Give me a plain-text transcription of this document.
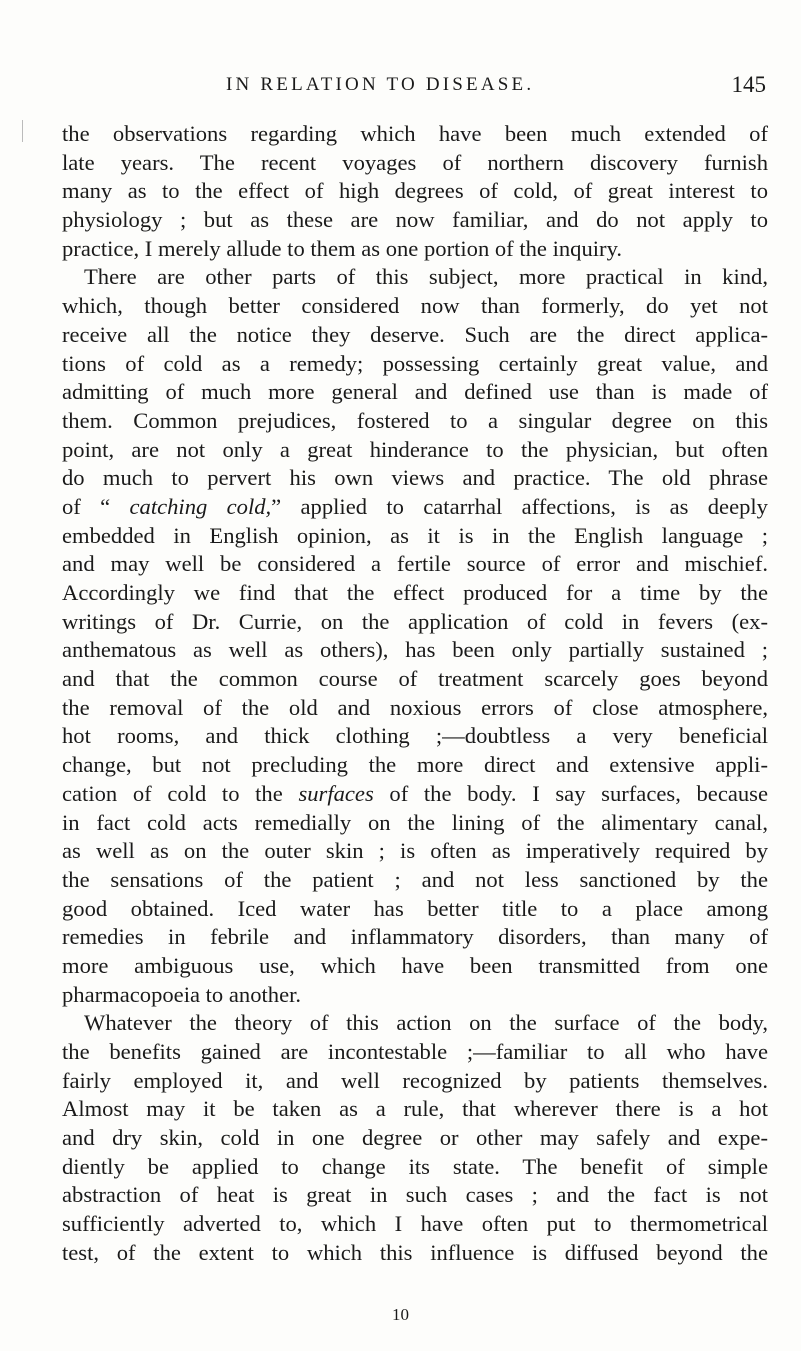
IN RELATION TO DISEASE.	145
the observations regarding which have been much extended of
late years. The recent voyages of northern discovery furnish
many as to the effect of high degrees of cold, of great interest to
physiology ; but as these are now familiar, and do not apply to
practice, I merely allude to them as one portion of the inquiry.
There are other parts of this subject, more practical in kind,
which, though better considered now than formerly, do yet not
receive all the notice they deserve. Such are the direct applica-
tions of cold as a remedy; possessing certainly great value, and
admitting of much more general and defined use than is made of
them. Common prejudices, fostered to a singular degree on this
point, are not only a great hinderance to the physician, but often
do much to pervert his own views and practice. The old phrase
of “ catching cold,” applied to catarrhal affections, is as deeply
embedded in English opinion, as it is in the English language ;
and may well be considered a fertile source of error and mischief.
Accordingly we find that the effect produced for a time by the
writings of Dr. Currie, on the application of cold in fevers (ex-
anthematous as well as others), has been only partially sustained ;
and that the common course of treatment scarcely goes beyond
the removal of the old and noxious errors of close atmosphere,
hot rooms, and thick clothing ;—doubtless a very beneficial
change, but not precluding the more direct and extensive appli-
cation of cold to the surfaces of the body. I say surfaces, because
in fact cold acts remedially on the lining of the alimentary canal,
as well as on the outer skin ; is often as imperatively required by
the sensations of the patient ; and not less sanctioned by the
good obtained. Iced water has better title to a place among
remedies in febrile and inflammatory disorders, than many of
more ambiguous use, which have been transmitted from one
pharmacopoeia to another.
Whatever the theory of this action on the surface of the body,
the benefits gained are incontestable ;—familiar to all who have
fairly employed it, and well recognized by patients themselves.
Almost may it be taken as a rule, that wherever there is a hot
and dry skin, cold in one degree or other may safely and expe-
diently be applied to change its state. The benefit of simple
abstraction of heat is great in such cases ; and the fact is not
sufficiently adverted to, which I have often put to thermometrical
test, of the extent to which this influence is diffused beyond the
10
